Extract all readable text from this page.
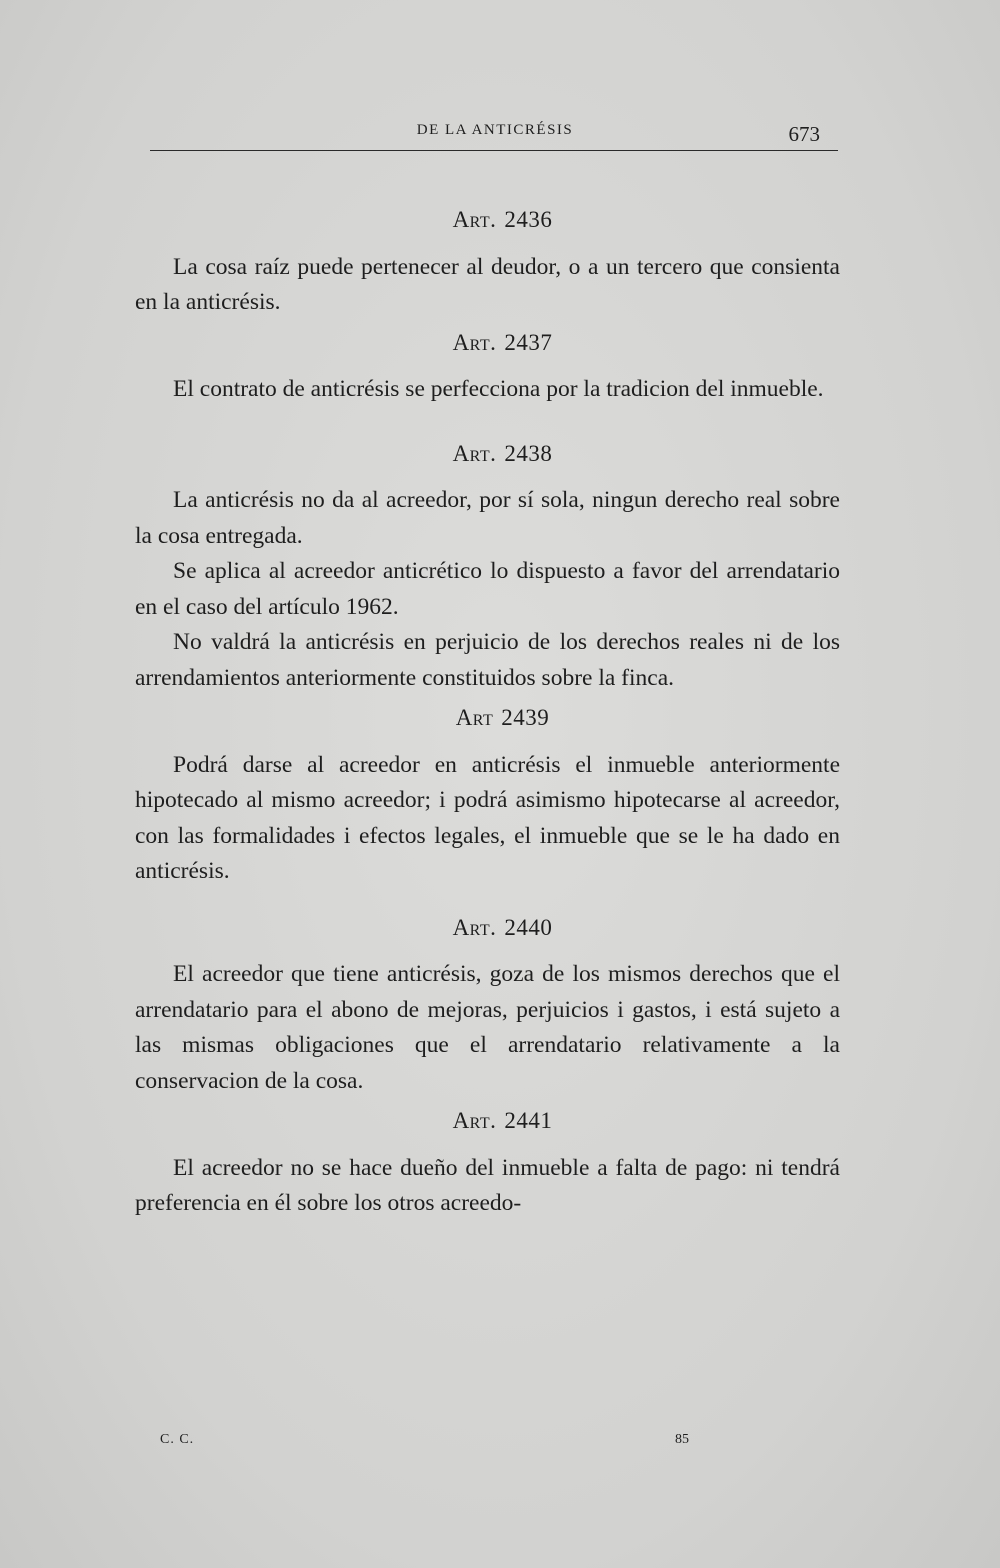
DE LA ANTICRÉSIS	673
Art. 2436

La cosa raíz puede pertenecer al deudor, o a un tercero que consienta en la anticrésis.

Art. 2437

El contrato de anticrésis se perfecciona por la tradicion del inmueble.

Art. 2438

La anticrésis no da al acreedor, por sí sola, ningun derecho real sobre la cosa entregada.

Se aplica al acreedor anticrético lo dispuesto a favor del arrendatario en el caso del artículo 1962.

No valdrá la anticrésis en perjuicio de los derechos reales ni de los arrendamientos anteriormente constituidos sobre la finca.

Art 2439

Podrá darse al acreedor en anticrésis el inmueble anteriormente hipotecado al mismo acreedor; i podrá asimismo hipotecarse al acreedor, con las formalidades i efectos legales, el inmueble que se le ha dado en anticrésis.

Art. 2440

El acreedor que tiene anticrésis, goza de los mismos derechos que el arrendatario para el abono de mejoras, perjuicios i gastos, i está sujeto a las mismas obligaciones que el arrendatario relativamente a la conservacion de la cosa.

Art. 2441

El acreedor no se hace dueño del inmueble a falta de pago: ni tendrá preferencia en él sobre los otros acreedo-

C. C.	85
